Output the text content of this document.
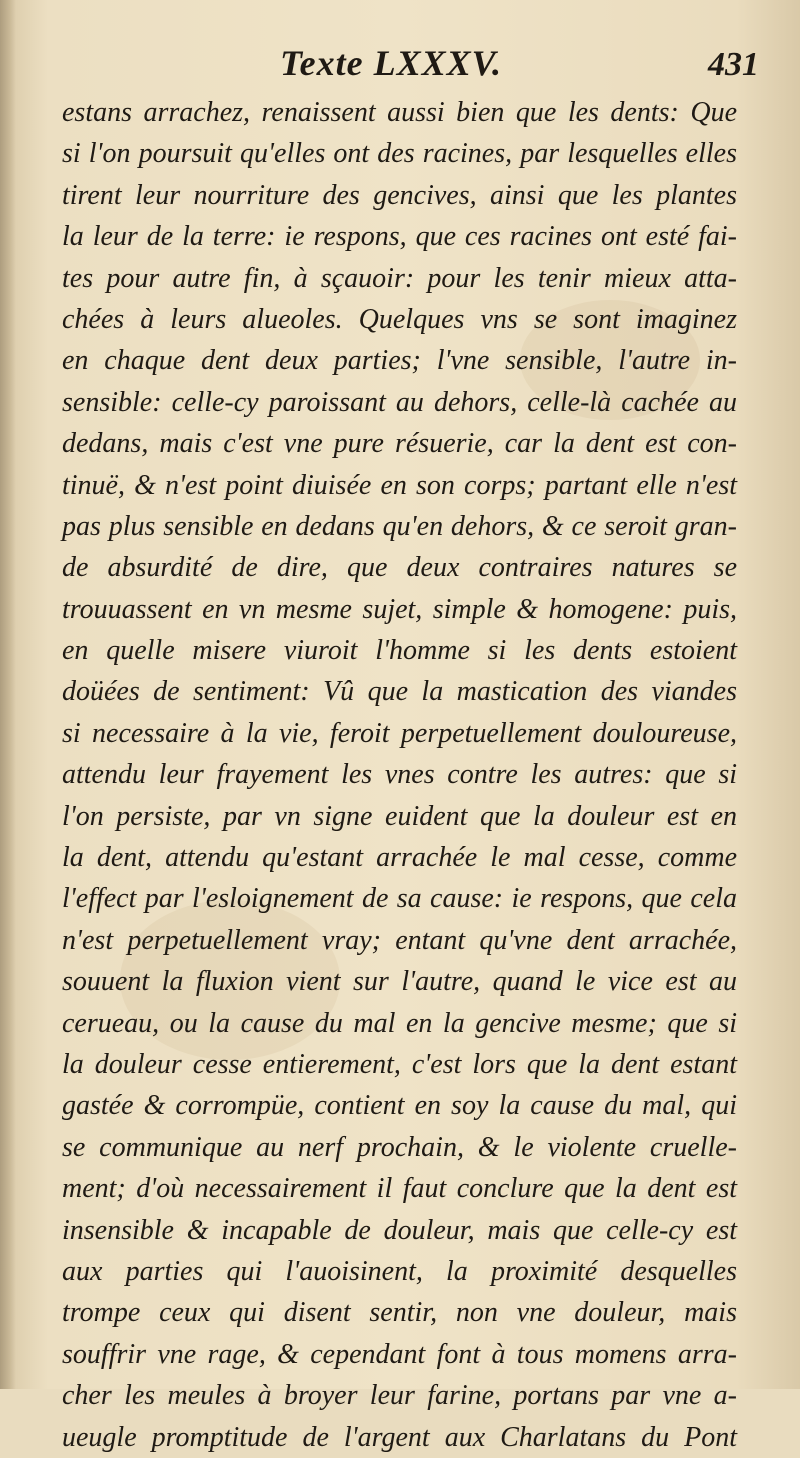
Texte LXXXV.	431
estans arrachez, renaissent aussi bien que les dents: Que
si l'on poursuit qu'elles ont des racines, par lesquelles elles
tirent leur nourriture des gencives, ainsi que les plantes
la leur de la terre: ie respons, que ces racines ont esté fai-
tes pour autre fin, à sçauoir: pour les tenir mieux atta-
chées à leurs alueoles. Quelques vns se sont imaginez
en chaque dent deux parties; l'vne sensible, l'autre in-
sensible: celle-cy paroissant au dehors, celle-là cachée au
dedans, mais c'est vne pure résuerie, car la dent est con-
tinuë, & n'est point diuisée en son corps; partant elle n'est
pas plus sensible en dedans qu'en dehors, & ce seroit gran-
de absurdité de dire, que deux contraires natures se
trouuassent en vn mesme sujet, simple & homogene: puis,
en quelle misere viuroit l'homme si les dents estoient
doüées de sentiment: Vû que la mastication des viandes
si necessaire à la vie, feroit perpetuellement douloureuse,
attendu leur frayement les vnes contre les autres: que si
l'on persiste, par vn signe euident que la douleur est en
la dent, attendu qu'estant arrachée le mal cesse, comme
l'effect par l'esloignement de sa cause: ie respons, que cela
n'est perpetuellement vray; entant qu'vne dent arrachée,
souuent la fluxion vient sur l'autre, quand le vice est au
cerueau, ou la cause du mal en la gencive mesme; que si
la douleur cesse entierement, c'est lors que la dent estant
gastée & corrompüe, contient en soy la cause du mal, qui
se communique au nerf prochain, & le violente cruelle-
ment; d'où necessairement il faut conclure que la dent est
insensible & incapable de douleur, mais que celle-cy est
aux parties qui l'auoisinent, la proximité desquelles
trompe ceux qui disent sentir, non vne douleur, mais
souffrir vne rage, & cependant font à tous momens arra-
cher les meules à broyer leur farine, portans par vne a-
ueugle promptitude de l'argent aux Charlatans du Pont
